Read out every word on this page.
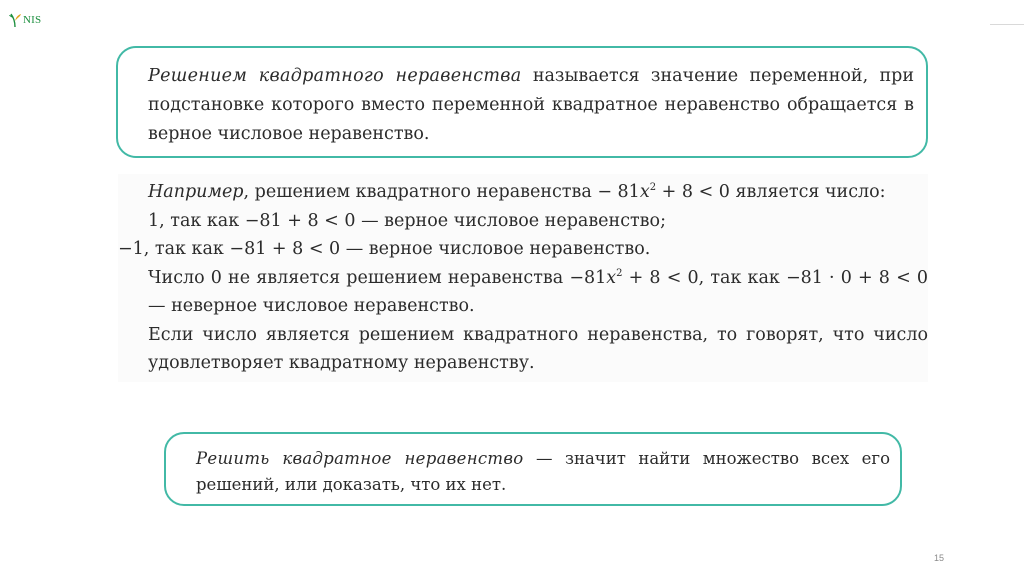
NIS

Решением квадратного неравенства называется значение переменной, при подстановке которого вместо переменной квадратное неравенство обращается в верное числовое неравенство.

Например, решением квадратного неравенства − $81x^2 + 8 < 0$ является число:

1, так как −81 + 8 < 0 — верное числовое неравенство;

−1, так как −81 + 8 < 0 — верное числовое неравенство.

Число 0 не является решением неравенства $-81x^2 + 8 < 0$, так как −81 · 0 + 8 < 0 — неверное числовое неравенство.

Если число является решением квадратного неравенства, то говорят, что число удовлетворяет квадратному неравенству.

Решить квадратное неравенство — значит найти множество всех его решений, или доказать, что их нет.

15
